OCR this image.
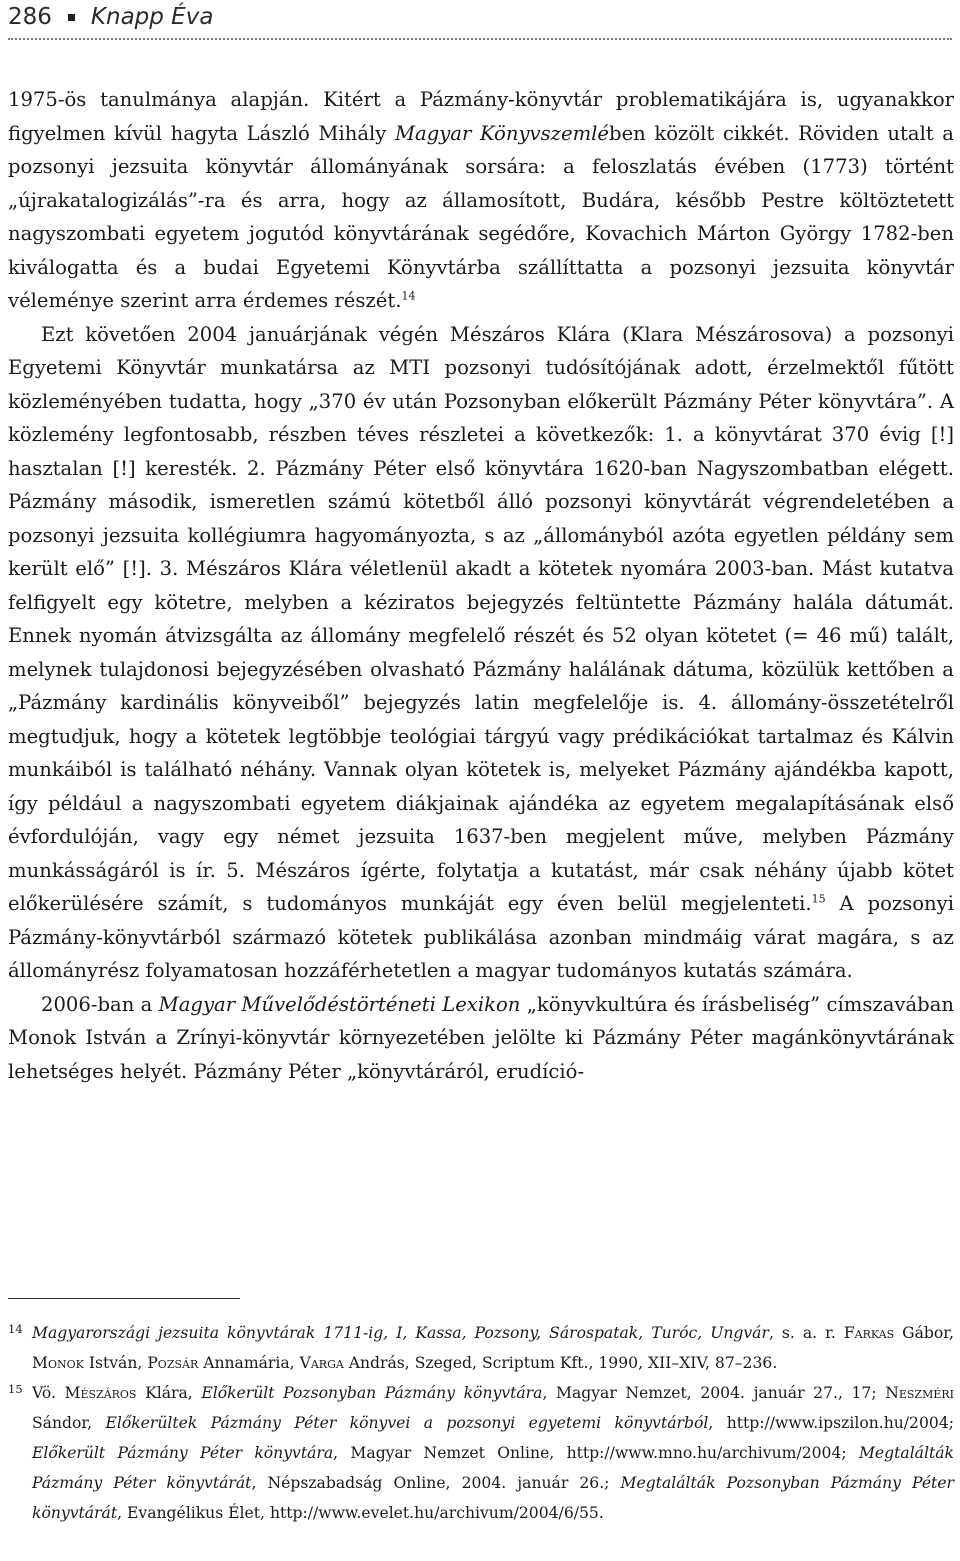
286 Knapp Éva

1975-ös tanulmánya alapján. Kitért a Pázmány-könyvtár problematikájára is, ugyanakkor figyelmen kívül hagyta László Mihály Magyar Könyvszemlében közölt cikkét. Röviden utalt a pozsonyi jezsuita könyvtár állományának sorsára: a feloszlatás évében (1773) történt „újrakatalogizálás”-ra és arra, hogy az államosított, Budára, később Pestre költöztetett nagyszombati egyetem jogutód könyvtárának segédőre, Kovachich Márton György 1782-ben kiválogatta és a budai Egyetemi Könyvtárba szállíttatta a pozsonyi jezsuita könyvtár véleménye szerint arra érdemes részét.$^{14}$

Ezt követően 2004 januárjának végén Mészáros Klára (Klara Mészárosova) a pozsonyi Egyetemi Könyvtár munkatársa az MTI pozsonyi tudósítójának adott, érzelmektől fűtött közleményében tudatta, hogy „370 év után Pozsonyban előkerült Pázmány Péter könyvtára”. A közlemény legfontosabb, részben téves részletei a következők: 1. a könyvtárat 370 évig [!] hasztalan [!] keresték. 2. Pázmány Péter első könyvtára 1620-ban Nagyszombatban elégett. Pázmány második, ismeretlen számú kötetből álló pozsonyi könyvtárát végrendeletében a pozsonyi jezsuita kollégiumra hagyományozta, s az „állományból azóta egyetlen példány sem került elő” [!]. 3. Mészáros Klára véletlenül akadt a kötetek nyomára 2003-ban. Mást kutatva felfigyelt egy kötetre, melyben a kéziratos bejegyzés feltüntette Pázmány halála dátumát. Ennek nyomán átvizsgálta az állomány megfelelő részét és 52 olyan kötetet (= 46 mű) talált, melynek tulajdonosi bejegyzésében olvasható Pázmány halálának dátuma, közülük kettőben a „Pázmány kardinális könyveiből” bejegyzés latin megfelelője is. 4. állomány-összetételről megtudjuk, hogy a kötetek legtöbbje teológiai tárgyú vagy prédikációkat tartalmaz és Kálvin munkáiból is található néhány. Vannak olyan kötetek is, melyeket Pázmány ajándékba kapott, így például a nagyszombati egyetem diákjainak ajándéka az egyetem megalapításának első évfordulóján, vagy egy német jezsuita 1637-ben megjelent műve, melyben Pázmány munkásságáról is ír. 5. Mészáros ígérte, folytatja a kutatást, már csak néhány újabb kötet előkerülésére számít, s tudományos munkáját egy éven belül megjelenteti.$^{15}$ A pozsonyi Pázmány-könyvtárból származó kötetek publikálása azonban mindmáig várat magára, s az állományrész folyamatosan hozzáférhetetlen a magyar tudományos kutatás számára.

2006-ban a Magyar Művelődéstörténeti Lexikon „könyvkultúra és írásbeliség” címszavában Monok István a Zrínyi-könyvtár környezetében jelölte ki Pázmány Péter magánkönyvtárának lehetséges helyét. Pázmány Péter „könyvtáráról, erudíció-

14 Magyarországi jezsuita könyvtárak 1711-ig, I, Kassa, Pozsony, Sárospatak, Turóc, Ungvár, s. a. r. Farkas Gábor, Monok István, Pozsár Annamária, Varga András, Szeged, Scriptum Kft., 1990, XII–XIV, 87–236.
15 Vö. Mészáros Klára, Előkerült Pozsonyban Pázmány könyvtára, Magyar Nemzet, 2004. január 27., 17; Neszméri Sándor, Előkerültek Pázmány Péter könyvei a pozsonyi egyetemi könyvtárból, http://www.ipszilon.hu/2004; Előkerült Pázmány Péter könyvtára, Magyar Nemzet Online, http://www.mno.hu/archivum/2004; Megtalálták Pázmány Péter könyvtárát, Népszabadság Online, 2004. január 26.; Megtalálták Pozsonyban Pázmány Péter könyvtárát, Evangélikus Élet, http://www.evelet.hu/archivum/2004/6/55.
